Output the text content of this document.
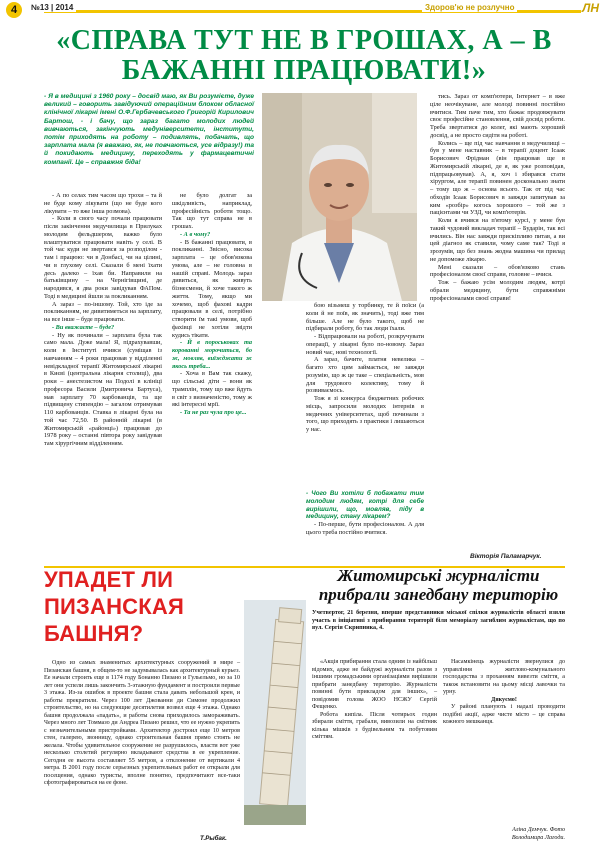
4	№13 | 2014	Здоров'ю не розлучно	ЛН
«СПРАВА ТУТ НЕ В ГРОШАХ, А – В БАЖАННІ ПРАЦЮВАТИ!»
- Я в медицині з 1960 року – досвід маю, як Ви розумієте, дуже великий – говорить завідуючий операційним блоком обласної клінічної лікарні імені О.Ф.Гербачевського Григорій Кирилович Бартош, - і бачу, що зараз багато молодих людей вивчаються, закінчують медуніверситети, інститути, потім приходять на роботу – подивлять, побачать, що зарплата мала (я вважаю, як, не повчаються, усе відразу!) та й покидають медицину, переходять у фармацевтичні компанії. Це – справжня біда!

- А по селах тим часом що трохи – та й не буде кому лікувати (що не буде кого лікувати – то вже інша розмова).

- Коли в свого часу почали працювати після закінчення медучилища в Прилуках молодим фельдшером, важко було влаштуватися працювати навіть у селі. В той час куди не звертався за розподілом - там і працюю: чи в Донбасі, чи на цілині, чи в глухому селі. Сказали б мені їхати десь далеко – їхав би. Направили на батьківщину – на Чернігівщині, де народився, я два роки завідував ФАПом. Тоді в медицині йшли за покликанням.

А зараз – по-іншому. Той, хто іде за покликанням, не дивитиметься на зарплату, на все інше – буде працювати.

- Ви вважаєте – буде?

- Ну як починали – зарплата була так само мала. Дуже мала! Я, підрахувавши, коли в Інституті вчився (суміщав із навчанням – 4 роки працював у відділенні невідкладної терапії Житомирської лікарні в Києві (центральна лікарня столиці), два роки – анестезистом на Подолі в клініці професора Васили Дмитровича Бартуса), мав зарплату 70 карбованців, та ще підвищену стипендію – загалом отримував 110 карбованців. Ставка в лікарні була на той час 72,50. В районній лікарні (в Житомирській «районці») працював до 1978 року – останні півтора року завідував там хірургічним відділенням.

не було долгат за шкідливість, наприклад, професійність роботи тощо. Так що тут справа не в грошах.

- А в чому?

- В бажанні працювати, в покликанні. Звісно, висока зарплата – це обов'язкова умова, але – не головна в нашій справі. Молодь зараз дивиться, як живуть бізнесмени, й хоче такого ж життя. Тому, якщо ми хочемо, щоб фахові кадри працювали в селі, потрібно створити їм такі умови, щоб фахівці не хотіли звідти кудись тікати.

- Й в пороськовах та корованні морочиться, бо ж, мовляв, виїжджати ж якось треба...

- Хоча в Вам так скажу, що сільські діти – вони як трамплін, тому що вже йдуть в світ з визначеністю, тому ж які інтересні мрії.

- Та не раз чула про це...

бою візьмеш у торбинку, те й поїси (а коли й не поїв, як значить), тоді вже тим більше. Але не було такого, щоб не підбирали роботу, бо так люди їхали.

- Відпрацювали на роботі, розкручувати операції, у лікарні було по-новому. Зараз новий час, нові технології.

А зараз, бачите, платня невелика – багато хто цим займається, не завжди розумію, що ж це таке – спеціальність, мов для трудового колективу, тому й розвиваємось.

Тож я зі конкурса бюджетних робочих місць, запросили молодих інтернів в медичних університетах, щоб починали з того, що приходять з практики і лишаються у нас.

- Чого Ви хотіли б побажати тим молодим людям, котрі для себе вирішили, що, мовляв, піду в медицину, стану лікарем?
- По-перше, бути професіоналом. А для цього треба постійно вчитися.

тись. Зараз от комп'ютери, Інтернет – в вже ціле неочікуване, але молоді повинні постійно вчитися. Тим паче тим, хто бажає продовжувати своє професійне становлення, свій досвід роботи. Треба звертатися до колег, які мають хороший досвід, а не просто сидіти на роботі.

Колись – ще під час навчання в медучилищі – був у мене наставник – в терапії доцент Ісаак Борисович Фрідман (він працював ще в Житомирській лікарні, де я, як уже розповідав, підпрацьовував). А, я, хоч і збирався стати хірургом, але терапії повинен досконально знати – тому що ж – основа всього. Так от під час обходів Ісаак Борисович в завжди запитував за ким «розбір» когось хорошого – той же з пацієнтами чи УЗД, чи комп'ютерів.

Коли я вчився на п'ятому курсі, у мене був такий чудовий викладач терапії – Бударін, так всі вчились. Він нас завжди прискіпливо питав, а ви цей діагноз як ставили, чому саме так? Тоді я зрозумів, що без знань жодна машина чи прилад не допоможе лікарю.

Мені сказали – обов'язково стань професіоналом своєї справи, головне – вчися.

Тож – бажаю усім молодим людям, котрі обрали медицину, бути справжніми професіоналами своєї справи!

Вікторія Паламарчук.
УПАДЕТ ЛИ ПИЗАНСКАЯ БАШНЯ?

Одно из самых знаменитых архитектурных сооружений в мире – Пизанская башня, в общем-то не задумывалась как архитектурный курьез. Ее начали строить еще в 1174 году Бонанно Пизано и Гульельмо, но за 10 лет они успели лишь закончить 3-этажную фундамент и построили первые 3 этажа. Из-за ошибок в проекте башня стала давать небольшой крен, и работы прекратили. Через 100 лет Джованни ди Симоне продолжил строительство, но на следующие десятилетия возвел еще 4 этажа. Однако башня продолжала «падать», и работы снова приходилось замораживать. Через много лет Томмазо ди Андреа Пизано решил, что ее нужно укрепить с незначительными пристройками. Архитектор достроил еще 10 метров стен, галерею, звонницу, однако строительная башня прямо стоять не желала. Чтобы удивительное сооружение не разрушилось, власти вот уже несколько столетий регулярно вкладывают средства в ее укрепление. Сегодня ее высота составляет 55 метров, а отклонение от вертикали 4 метра. В 2001 году после серьезных укрепительных работ ее открыли для посещения, однако туристы, вполне понятно, предпочитают все-таки сфотографироваться на ее фоне.

Т.Рыбак.
Житомирські журналісти прибрали занедбану територію
Учетвертог, 21 березня, вперше представники міської спілки журналістів області взяли участь в ініціативі з прибирання території біля меморіалу загиблим журналістам, що по вул. Сергія Скрипника, 4.

«Акція прибирання стала одним із найбільш відомих, адже не байдужі журналісти разом з іншими громадськими організаціями вирішили прибрати занедбану територію. Журналісти повинні бути прикладом для інших», – повідомив голова ЖОО НСЖУ Сергій Фещенко.

Робота кипіла. Після чотирьох годин збирали сміття, грабали, вивозили на смітник кілька мішків з будівельним та побутовим сміттям.

Насамкінець журналісти звернулися до управління житлово-комунального господарства з проханням вивезти сміття, а також встановити на цьому місці лавочки та урну.

Дякуємо!

У районі планують і надалі проводити подібні акції, адже чисте місто – це справа кожного мешканця.

Аліна Демчук. Фото Володимира Лагоди.
